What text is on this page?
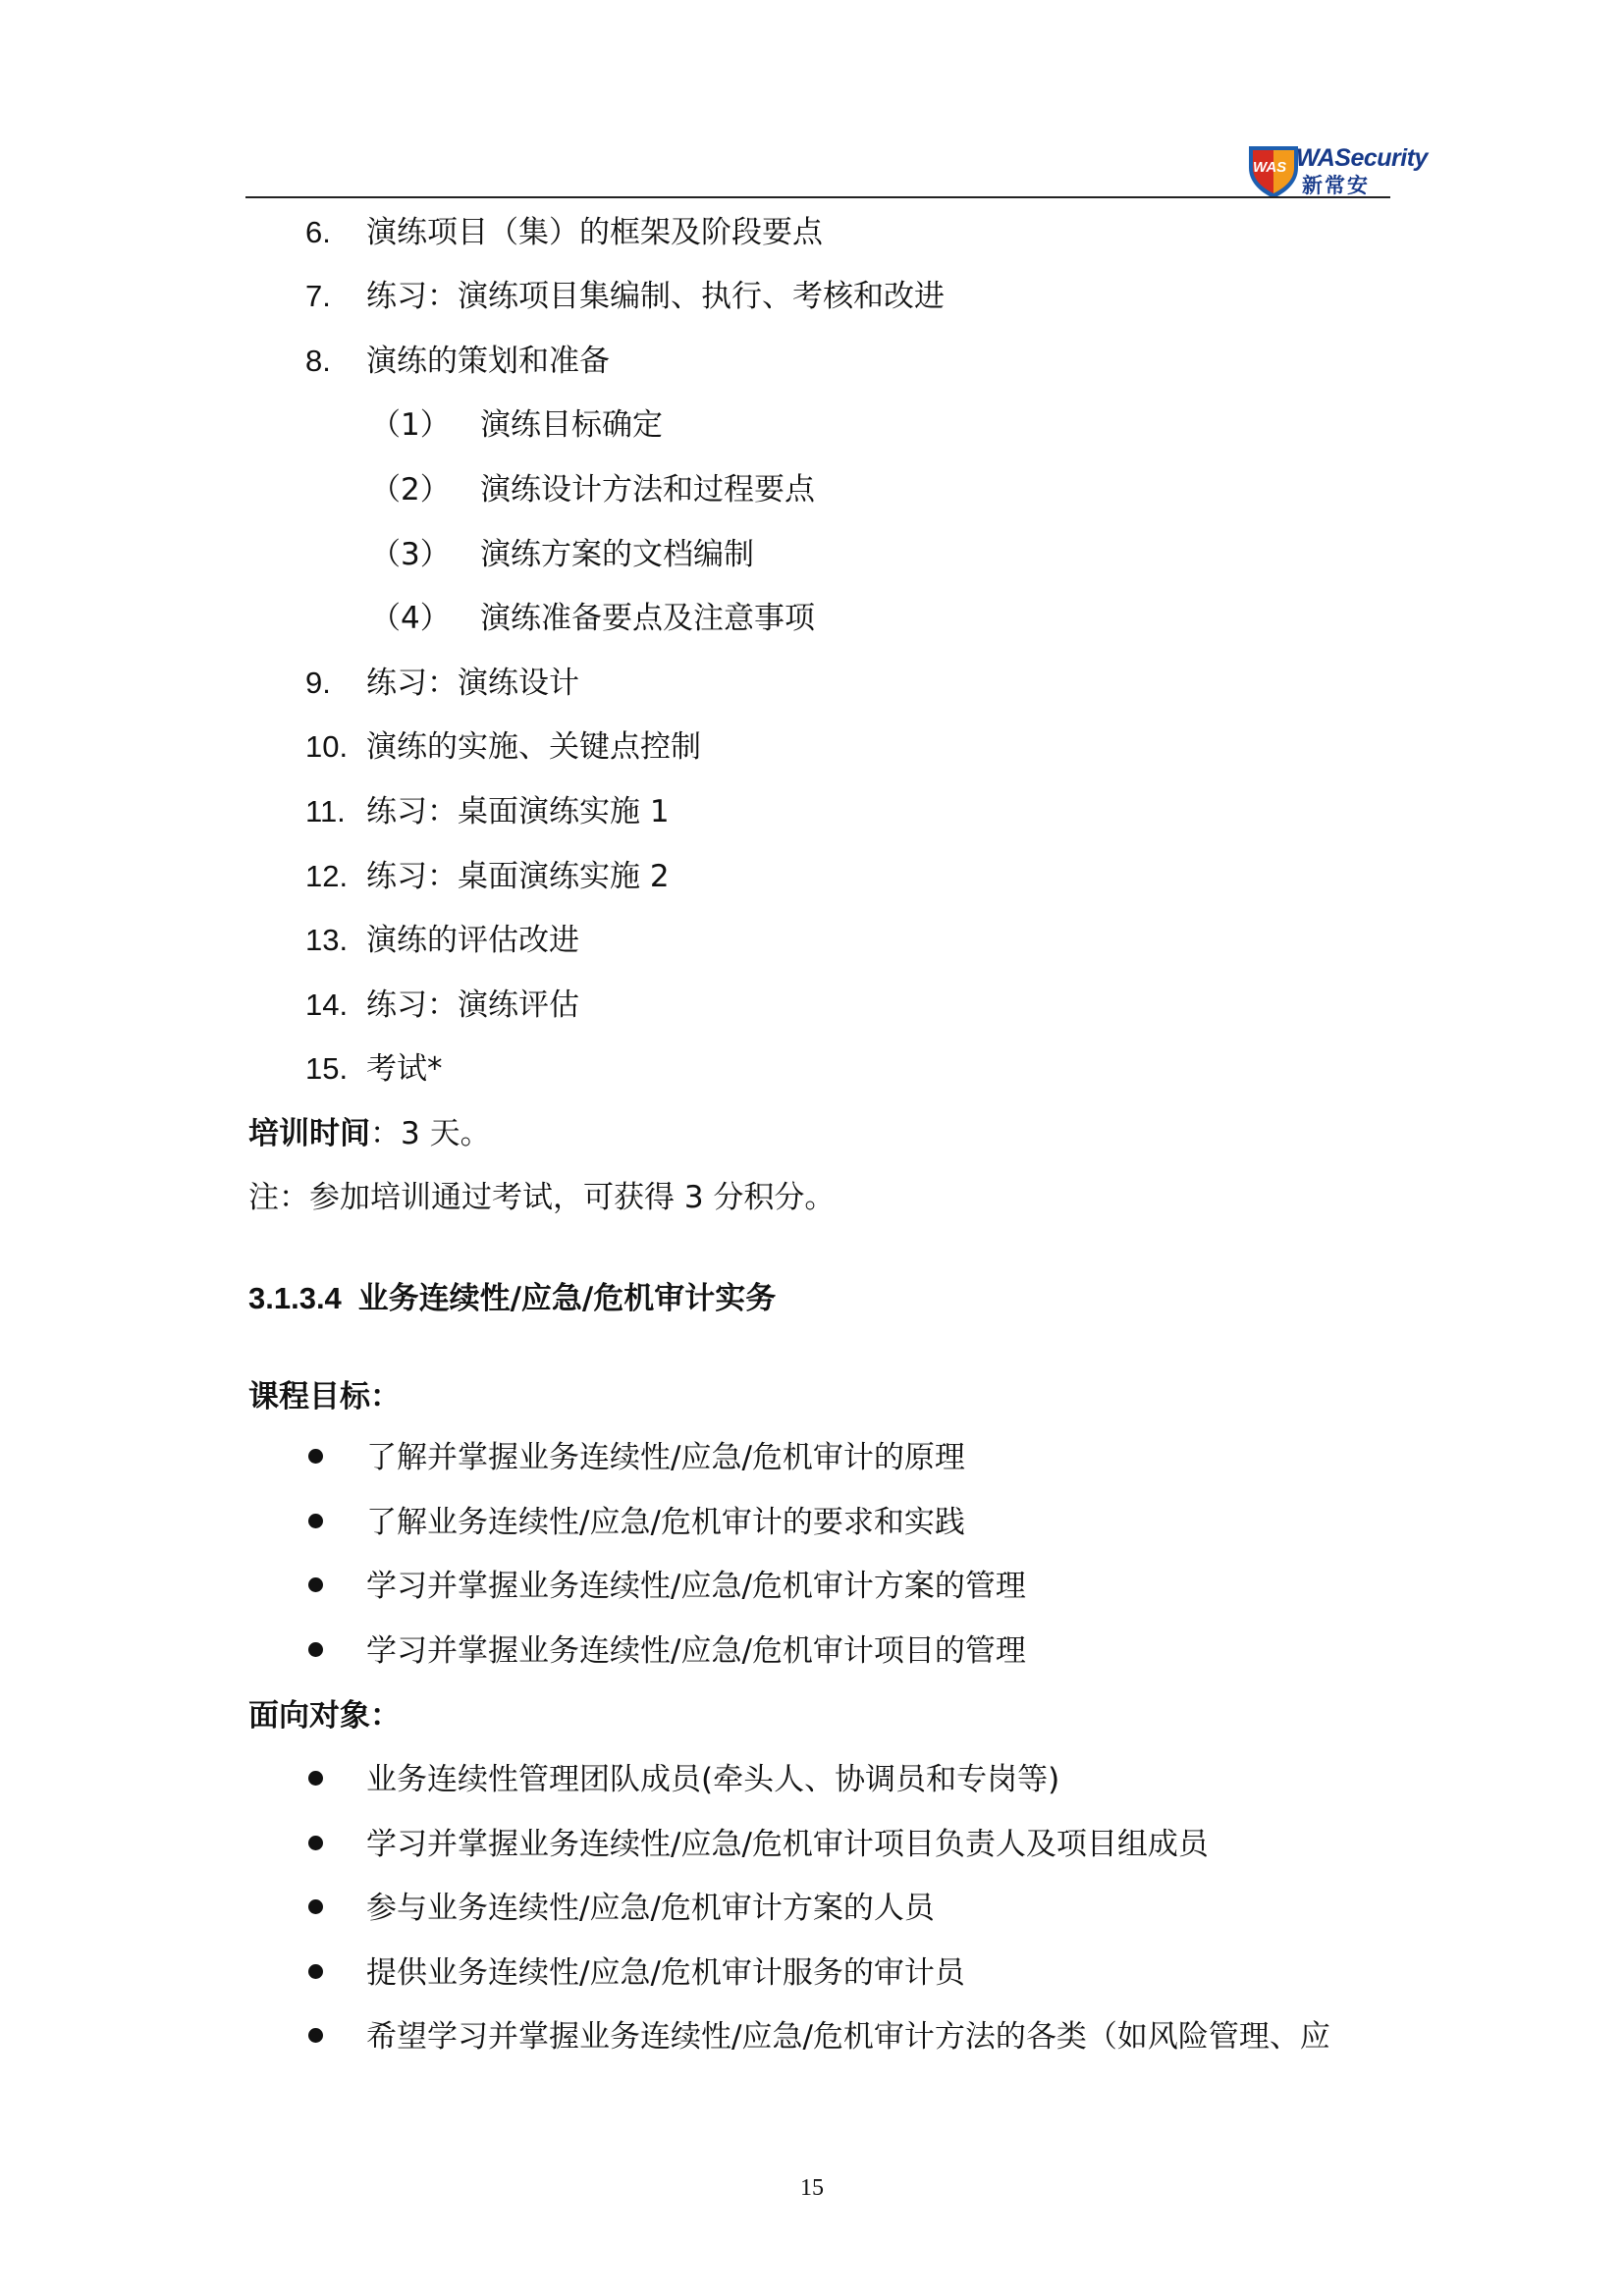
WAS WASecurity
新常安
6. 演练项目（集）的框架及阶段要点
7. 练习：演练项目集编制、执行、考核和改进
8. 演练的策划和准备
（1） 演练目标确定
（2） 演练设计方法和过程要点
（3） 演练方案的文档编制
（4） 演练准备要点及注意事项
9. 练习：演练设计
10. 演练的实施、关键点控制
11. 练习：桌面演练实施 1
12. 练习：桌面演练实施 2
13. 演练的评估改进
14. 练习：演练评估
15. 考试*
培训时间：3 天。
注：参加培训通过考试，可获得 3 分积分。
3.1.3.4 业务连续性/应急/危机审计实务
课程目标：
了解并掌握业务连续性/应急/危机审计的原理
了解业务连续性/应急/危机审计的要求和实践
学习并掌握业务连续性/应急/危机审计方案的管理
学习并掌握业务连续性/应急/危机审计项目的管理
面向对象：
业务连续性管理团队成员(牵头人、协调员和专岗等)
学习并掌握业务连续性/应急/危机审计项目负责人及项目组成员
参与业务连续性/应急/危机审计方案的人员
提供业务连续性/应急/危机审计服务的审计员
希望学习并掌握业务连续性/应急/危机审计方法的各类（如风险管理、应
15
